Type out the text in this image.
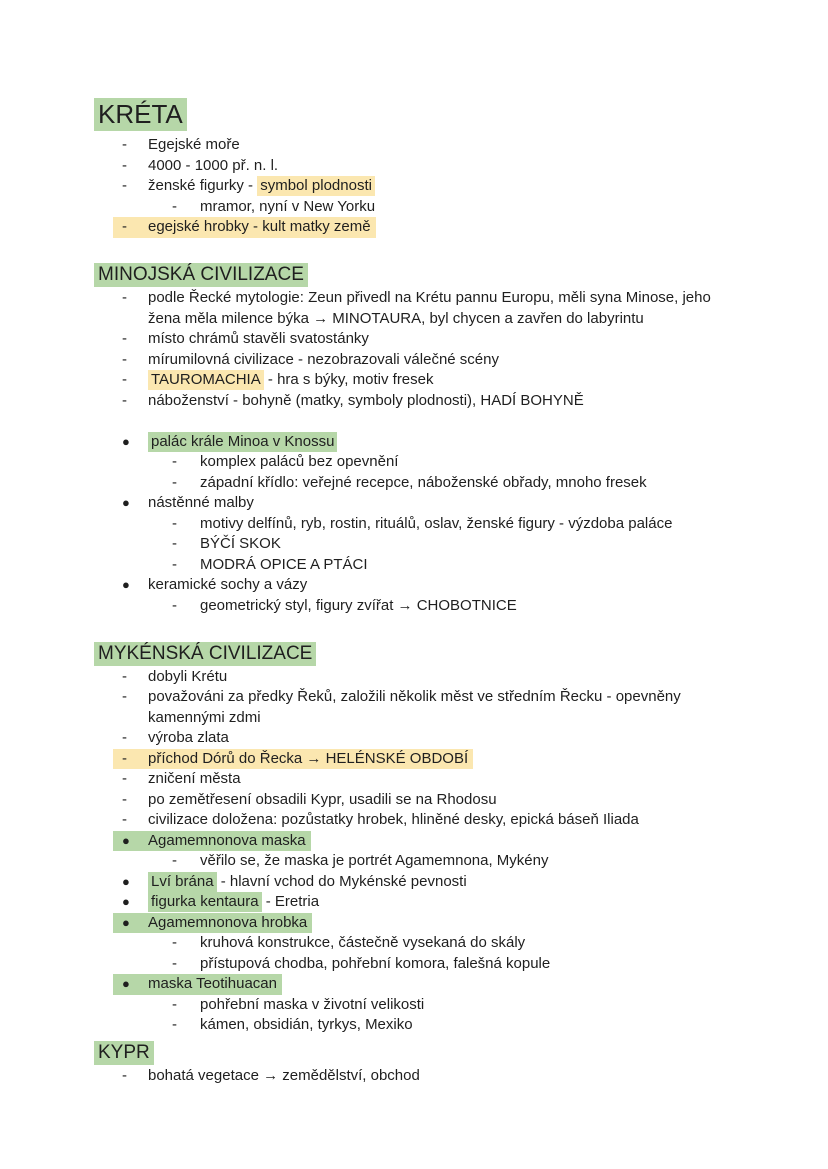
KRÉTA
-	Egejské moře
-	4000 - 1000 př. n. l.
-	ženské figurky - symbol plodnosti
-	mramor, nyní v New Yorku
-	egejské hrobky - kult matky země
MINOJSKÁ CIVILIZACE
-	podle Řecké mytologie: Zeun přivedl na Krétu pannu Europu, měli syna Minose, jeho žena měla milence býka → MINOTAURA, byl chycen a zavřen do labyrintu
-	místo chrámů stavěli svatostánky
-	mírumilovná civilizace - nezobrazovali válečné scény
-	TAUROMACHIA - hra s býky, motiv fresek
-	náboženství - bohyně (matky, symboly plodnosti), HADÍ BOHYNĚ
●	palác krále Minoa v Knossu
-	komplex paláců bez opevnění
-	západní křídlo: veřejné recepce, náboženské obřady, mnoho fresek
●	nástěnné malby
-	motivy delfínů, ryb, rostin, rituálů, oslav, ženské figury - výzdoba paláce
-	BÝČÍ SKOK
-	MODRÁ OPICE A PTÁCI
●	keramické sochy a vázy
-	geometrický styl, figury zvířat → CHOBOTNICE
MYKÉNSKÁ CIVILIZACE
-	dobyli Krétu
-	považováni za předky Řeků, založili několik měst ve středním Řecku - opevněny kamennými zdmi
-	výroba zlata
-	příchod Dórů do Řecka → HELÉNSKÉ OBDOBÍ
-	zničení města
-	po zemětřesení obsadili Kypr, usadili se na Rhodosu
-	civilizace doložena: pozůstatky hrobek, hliněné desky, epická báseň Iliada
●	Agamemnonova maska
-	věřilo se, že maska je portrét Agamemnona, Mykény
●	Lví brána - hlavní vchod do Mykénské pevnosti
●	figurka kentaura - Eretria
●	Agamemnonova hrobka
-	kruhová konstrukce, částečně vysekaná do skály
-	přístupová chodba, pohřební komora, falešná kopule
●	maska Teotihuacan
-	pohřební maska v životní velikosti
-	kámen, obsidián, tyrkys, Mexiko
KYPR
-	bohatá vegetace → zemědělství, obchod
